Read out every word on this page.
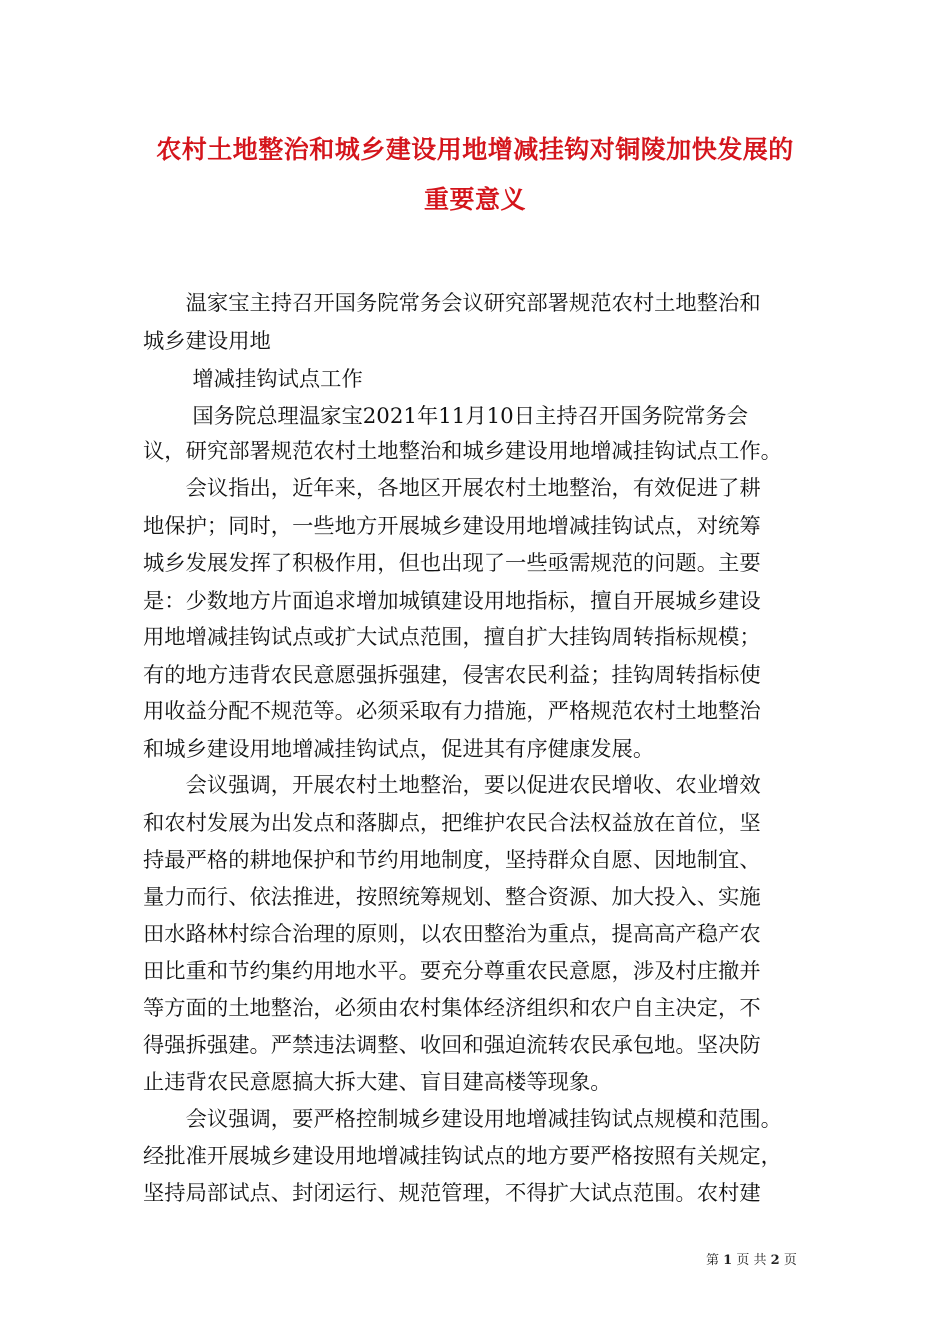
农村土地整治和城乡建设用地增减挂钩对铜陵加快发展的
重要意义
　　温家宝主持召开国务院常务会议研究部署规范农村土地整治和
城乡建设用地
　　 增减挂钩试点工作
　　 国务院总理温家宝2021年11月10日主持召开国务院常务会
议，研究部署规范农村土地整治和城乡建设用地增减挂钩试点工作。
　　会议指出，近年来，各地区开展农村土地整治，有效促进了耕
地保护；同时，一些地方开展城乡建设用地增减挂钩试点，对统筹
城乡发展发挥了积极作用，但也出现了一些亟需规范的问题。主要
是：少数地方片面追求增加城镇建设用地指标，擅自开展城乡建设
用地增减挂钩试点或扩大试点范围，擅自扩大挂钩周转指标规模；
有的地方违背农民意愿强拆强建，侵害农民利益；挂钩周转指标使
用收益分配不规范等。必须采取有力措施，严格规范农村土地整治
和城乡建设用地增减挂钩试点，促进其有序健康发展。
　　会议强调，开展农村土地整治，要以促进农民增收、农业增效
和农村发展为出发点和落脚点，把维护农民合法权益放在首位，坚
持最严格的耕地保护和节约用地制度，坚持群众自愿、因地制宜、
量力而行、依法推进，按照统筹规划、整合资源、加大投入、实施
田水路林村综合治理的原则，以农田整治为重点，提高高产稳产农
田比重和节约集约用地水平。要充分尊重农民意愿，涉及村庄撤并
等方面的土地整治，必须由农村集体经济组织和农户自主决定，不
得强拆强建。严禁违法调整、收回和强迫流转农民承包地。坚决防
止违背农民意愿搞大拆大建、盲目建高楼等现象。
　　会议强调，要严格控制城乡建设用地增减挂钩试点规模和范围。
经批准开展城乡建设用地增减挂钩试点的地方要严格按照有关规定，
坚持局部试点、封闭运行、规范管理，不得扩大试点范围。农村建
第 1 页 共 2 页
